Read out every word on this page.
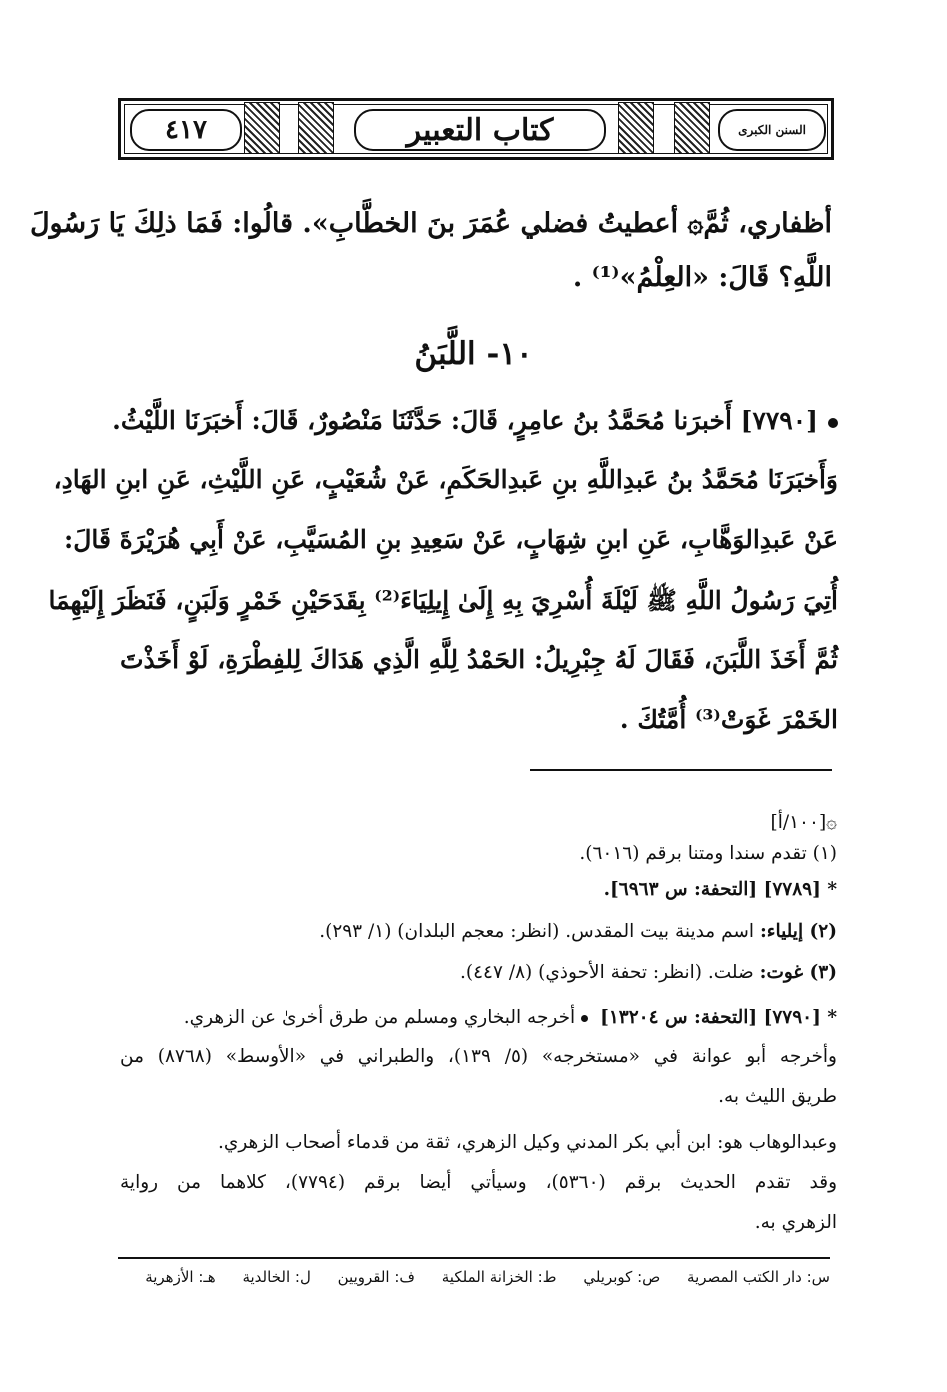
٤١٧	كتاب التعبير	السنن الكبرى
أظفاري، ثُمَّ۞ أعطيتُ فضلي عُمَرَ بنَ الخطَّابِ». قالُوا: فَمَا ذلِكَ يَا رَسُولَ
اللَّهِ؟ قَالَ: «العِلْمُ»⁽¹⁾ .
١٠- اللَّبَنُ
[٧٧٩٠] أَخبرَنا مُحَمَّدُ بنُ عامِرٍ، قَالَ: حَدَّثَنَا مَنْصُورٌ، قَالَ: أَخبَرَنَا اللَّيْثُ.
وَأَخبَرَنَا مُحَمَّدُ بنُ عَبدِاللَّهِ بنِ عَبدِالحَكَمِ، عَنْ شُعَيْبٍ، عَنِ اللَّيْثِ، عَنِ ابنِ الهَادِ،
عَنْ عَبدِالوَهَّابِ، عَنِ ابنِ شِهَابٍ، عَنْ سَعِيدِ بنِ المُسَيَّبِ، عَنْ أَبِي هُرَيْرَةَ قَالَ:
أُتِيَ رَسُولُ اللَّهِ ﷺ لَيْلَةَ أُسْرِيَ بِهِ إِلَىٰ إِيلِيَاءَ⁽²⁾ بِقَدَحَيْنِ خَمْرٍ وَلَبَنٍ، فَنَظَرَ إِلَيْهِمَا
ثُمَّ أَخَذَ اللَّبَنَ، فَقَالَ لَهُ جِبْرِيلُ: الحَمْدُ لِلَّهِ الَّذِي هَدَاكَ لِلفِطْرَةِ، لَوْ أَخَذْتَ
الخَمْرَ غَوَتْ⁽³⁾ أُمَّتُكَ .
۞[١٠٠/أ]
(١) تقدم سندا ومتنا برقم (٦٠١٦).
* [٧٧٨٩] [التحفة: س ٦٩٦٣].
(٢) إيلياء: اسم مدينة بيت المقدس. (انظر: معجم البلدان) (١/ ٢٩٣).
(٣) غوت: ضلت. (انظر: تحفة الأحوذي) (٨/ ٤٤٧).
* [٧٧٩٠] [التحفة: س ١٣٢٠٤] أخرجه البخاري ومسلم من طرق أخرىٰ عن الزهري.
وأخرجه أبو عوانة في «مستخرجه» (٥/ ١٣٩)، والطبراني في «الأوسط» (٨٧٦٨) من
طريق الليث به.
وعبدالوهاب هو: ابن أبي بكر المدني وكيل الزهري، ثقة من قدماء أصحاب الزهري.
وقد تقدم الحديث برقم (٥٣٦٠)، وسيأتي أيضا برقم (٧٧٩٤)، كلاهما من رواية
الزهري به.
س: دار الكتب المصرية ص: كوبريلي ط: الخزانة الملكية ف: القرويين ل: الخالدية هـ: الأزهرية
